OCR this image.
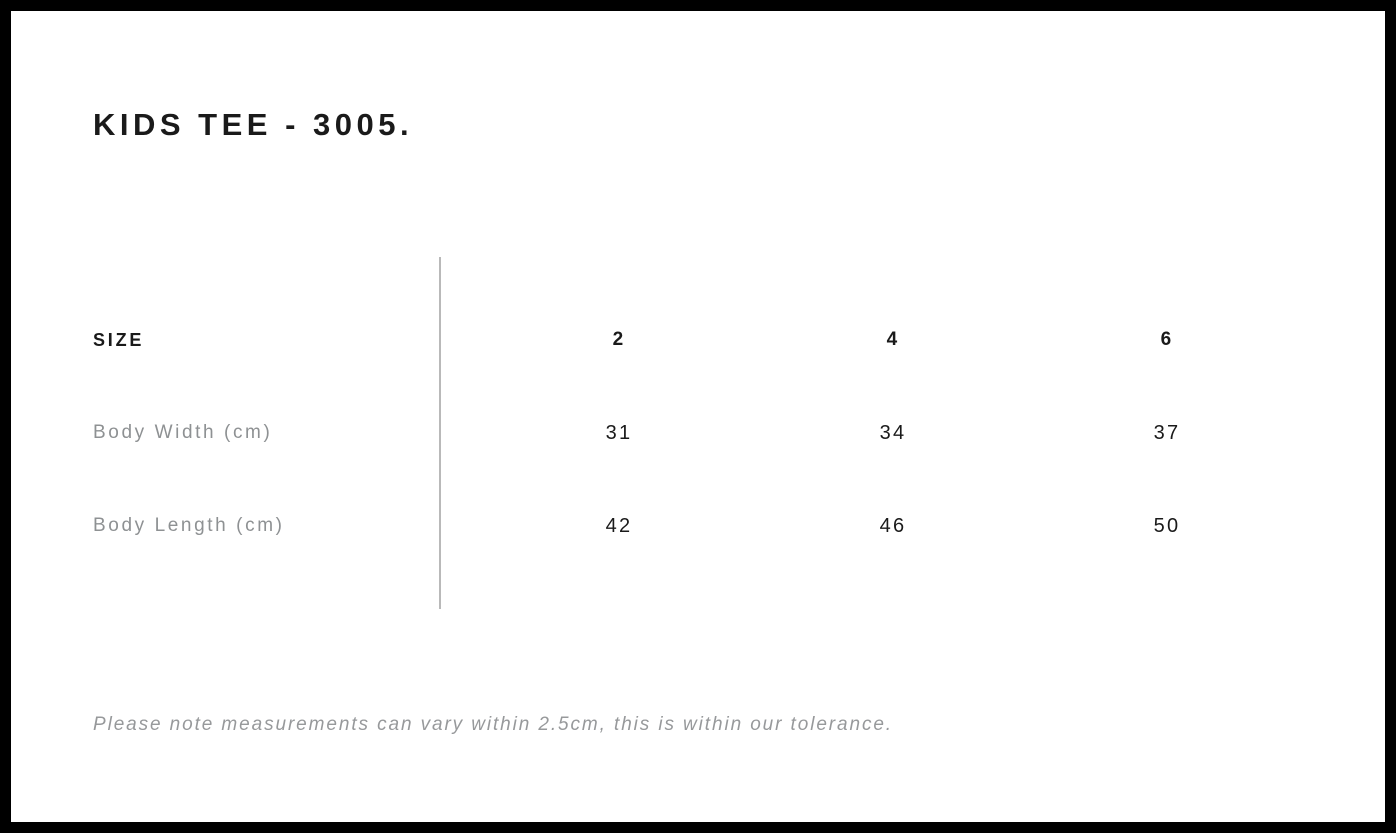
KIDS TEE - 3005.
SIZE	2	4	6
Body Width (cm)	31	34	37
Body Length (cm)	42	46	50
Please note measurements can vary within 2.5cm, this is within our tolerance.
